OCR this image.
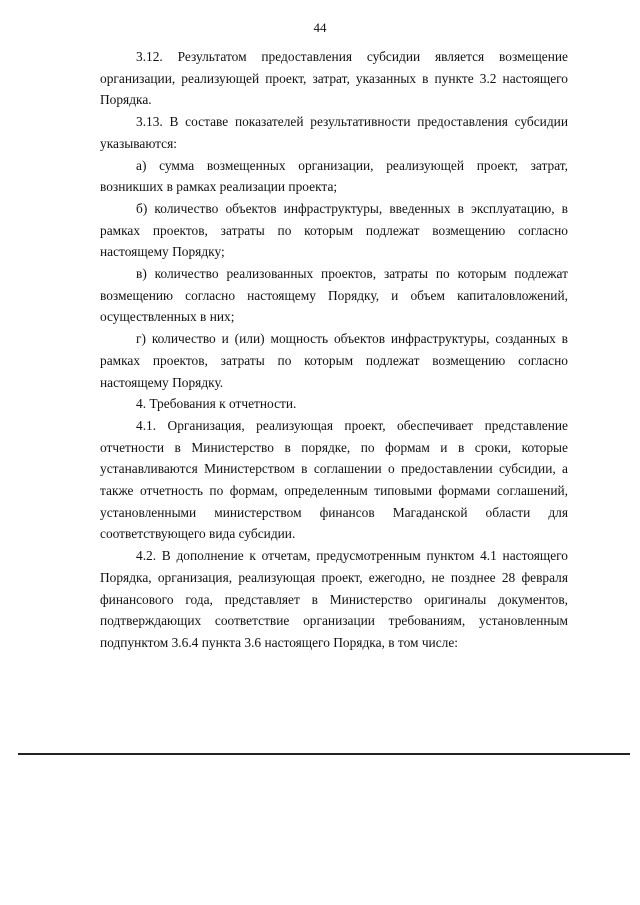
44

3.12. Результатом предоставления субсидии является возмещение организации, реализующей проект, затрат, указанных в пункте 3.2 настоящего Порядка.

3.13. В составе показателей результативности предоставления субсидии указываются:

а) сумма возмещенных организации, реализующей проект, затрат, возникших в рамках реализации проекта;

б) количество объектов инфраструктуры, введенных в эксплуатацию, в рамках проектов, затраты по которым подлежат возмещению согласно настоящему Порядку;

в) количество реализованных проектов, затраты по которым подлежат возмещению согласно настоящему Порядку, и объем капиталовложений, осуществленных в них;

г) количество и (или) мощность объектов инфраструктуры, созданных в рамках проектов, затраты по которым подлежат возмещению согласно настоящему Порядку.

4. Требования к отчетности.

4.1. Организация, реализующая проект, обеспечивает представление отчетности в Министерство в порядке, по формам и в сроки, которые устанавливаются Министерством в соглашении о предоставлении субсидии, а также отчетность по формам, определенным типовыми формами соглашений, установленными министерством финансов Магаданской области для соответствующего вида субсидии.

4.2. В дополнение к отчетам, предусмотренным пунктом 4.1 настоящего Порядка, организация, реализующая проект, ежегодно, не позднее 28 февраля финансового года, представляет в Министерство оригиналы документов, подтверждающих соответствие организации требованиям, установленным подпунктом 3.6.4 пункта 3.6 настоящего Порядка, в том числе:
